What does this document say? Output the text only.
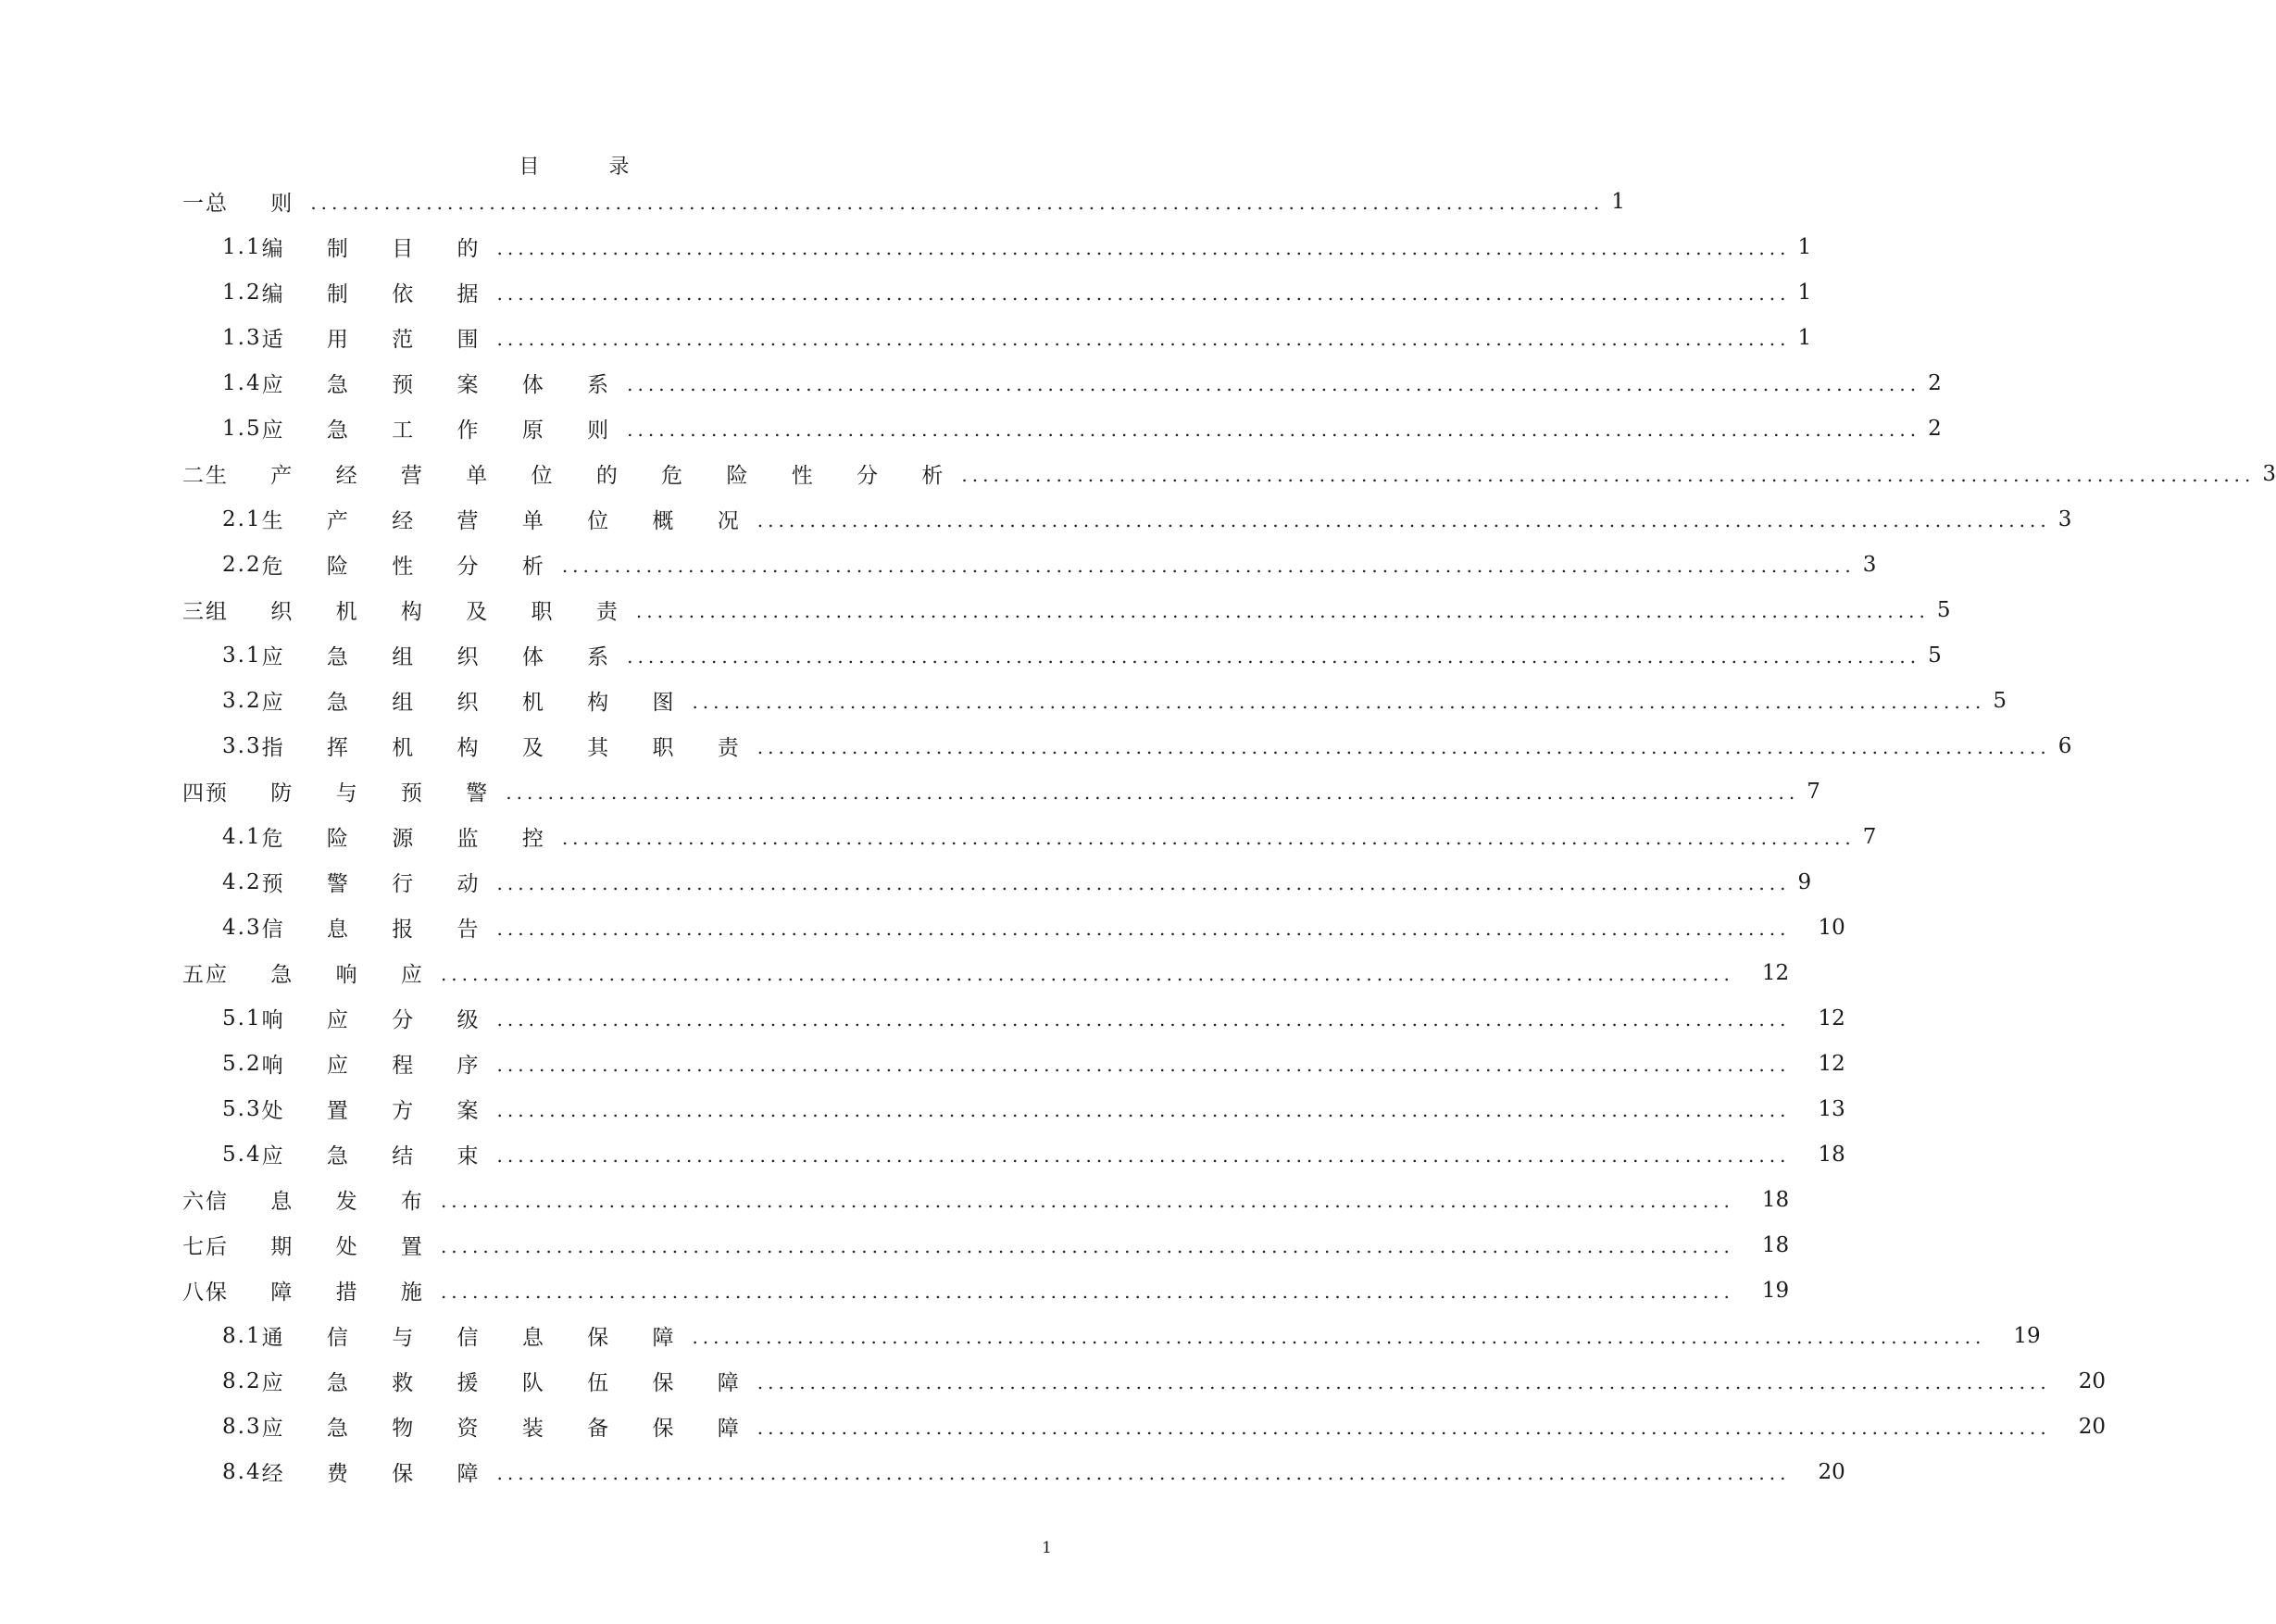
目 录
一 总 则 ........................................................................................................................... 1
1.1 编 制 目 的 ........................................................................................................................... 1
1.2 编 制 依 据 ........................................................................................................................... 1
1.3 适 用 范 围 ........................................................................................................................... 1
1.4 应 急 预 案 体 系 ........................................................................................................................... 2
1.5 应 急 工 作 原 则 ........................................................................................................................... 2
二 生 产 经 营 单 位 的 危 险 性 分 析 ........................................................................................................................... 3
2.1 生 产 经 营 单 位 概 况 ........................................................................................................................... 3
2.2 危 险 性 分 析 ........................................................................................................................... 3
三 组 织 机 构 及 职 责 ........................................................................................................................... 5
3.1 应 急 组 织 体 系 ........................................................................................................................... 5
3.2 应 急 组 织 机 构 图 ........................................................................................................................... 5
3.3 指 挥 机 构 及 其 职 责 ........................................................................................................................... 6
四 预 防 与 预 警 ........................................................................................................................... 7
4.1 危 险 源 监 控 ........................................................................................................................... 7
4.2 预 警 行 动 ........................................................................................................................... 9
4.3 信 息 报 告 ........................................................................................................................... 10
五 应 急 响 应 ........................................................................................................................... 12
5.1 响 应 分 级 ........................................................................................................................... 12
5.2 响 应 程 序 ........................................................................................................................... 12
5.3 处 置 方 案 ........................................................................................................................... 13
5.4 应 急 结 束 ........................................................................................................................... 18
六 信 息 发 布 ........................................................................................................................... 18
七 后 期 处 置 ........................................................................................................................... 18
八 保 障 措 施 ........................................................................................................................... 19
8.1 通 信 与 信 息 保 障 ........................................................................................................................... 19
8.2 应 急 救 援 队 伍 保 障 ........................................................................................................................... 20
8.3 应 急 物 资 装 备 保 障 ........................................................................................................................... 20
8.4 经 费 保 障 ........................................................................................................................... 20
1
